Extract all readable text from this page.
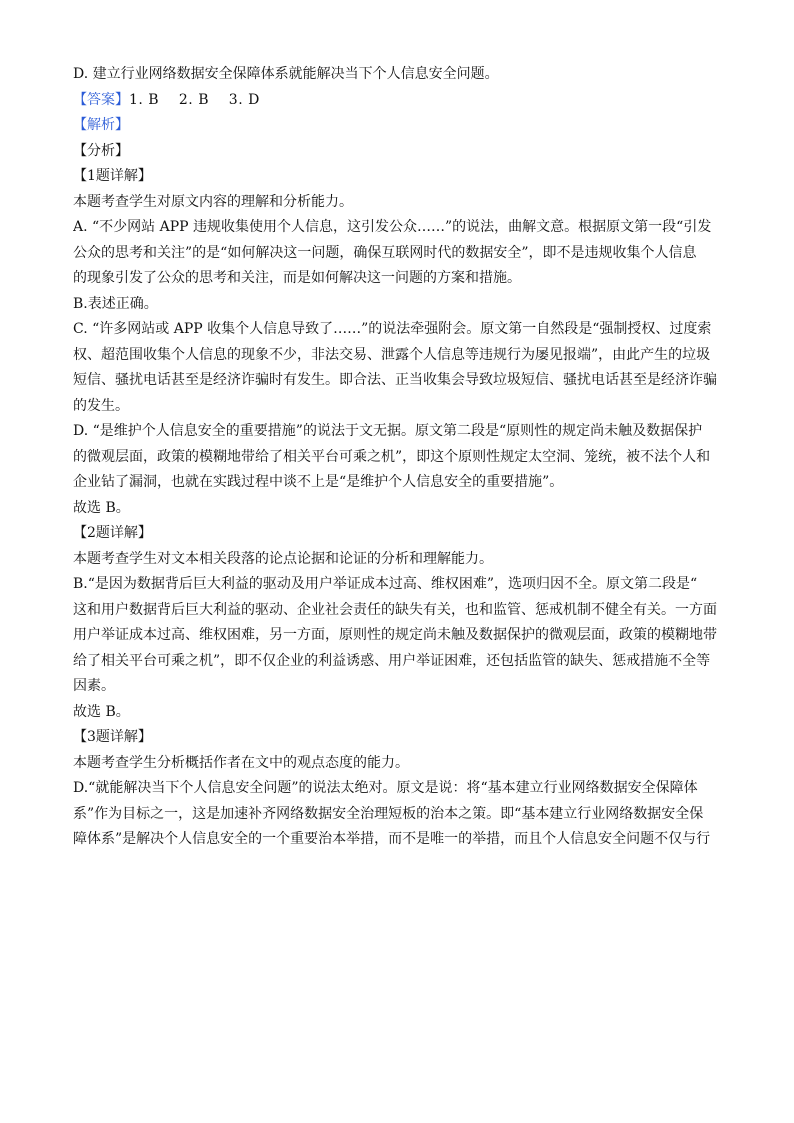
D. 建立行业网络数据安全保障体系就能解决当下个人信息安全问题。
【答案】1. B    2. B    3. D
【解析】
【分析】
【1题详解】
本题考查学生对原文内容的理解和分析能力。
A. “不少网站 APP 违规收集使用个人信息，这引发公众……”的说法，曲解文意。根据原文第一段“引发
公众的思考和关注”的是“如何解决这一问题，确保互联网时代的数据安全”，即不是违规收集个人信息
的现象引发了公众的思考和关注，而是如何解决这一问题的方案和措施。
B.表述正确。
C. “许多网站或 APP 收集个人信息导致了……”的说法牵强附会。原文第一自然段是“强制授权、过度索
权、超范围收集个人信息的现象不少，非法交易、泄露个人信息等违规行为屡见报端”，由此产生的垃圾
短信、骚扰电话甚至是经济诈骗时有发生。即合法、正当收集会导致垃圾短信、骚扰电话甚至是经济诈骗
的发生。
D. “是维护个人信息安全的重要措施”的说法于文无据。原文第二段是“原则性的规定尚未触及数据保护
的微观层面，政策的模糊地带给了相关平台可乘之机”，即这个原则性规定太空洞、笼统，被不法个人和
企业钻了漏洞，也就在实践过程中谈不上是“是维护个人信息安全的重要措施”。
故选 B。
【2题详解】
本题考查学生对文本相关段落的论点论据和论证的分析和理解能力。
B.“是因为数据背后巨大利益的驱动及用户举证成本过高、维权困难”，选项归因不全。原文第二段是“
这和用户数据背后巨大利益的驱动、企业社会责任的缺失有关，也和监管、惩戒机制不健全有关。一方面
用户举证成本过高、维权困难，另一方面，原则性的规定尚未触及数据保护的微观层面，政策的模糊地带
给了相关平台可乘之机”，即不仅企业的利益诱惑、用户举证困难，还包括监管的缺失、惩戒措施不全等
因素。
故选 B。
【3题详解】
本题考查学生分析概括作者在文中的观点态度的能力。
D.“就能解决当下个人信息安全问题”的说法太绝对。原文是说：将“基本建立行业网络数据安全保障体
系”作为目标之一，这是加速补齐网络数据安全治理短板的治本之策。即“基本建立行业网络数据安全保
障体系”是解决个人信息安全的一个重要治本举措，而不是唯一的举措，而且个人信息安全问题不仅与行
